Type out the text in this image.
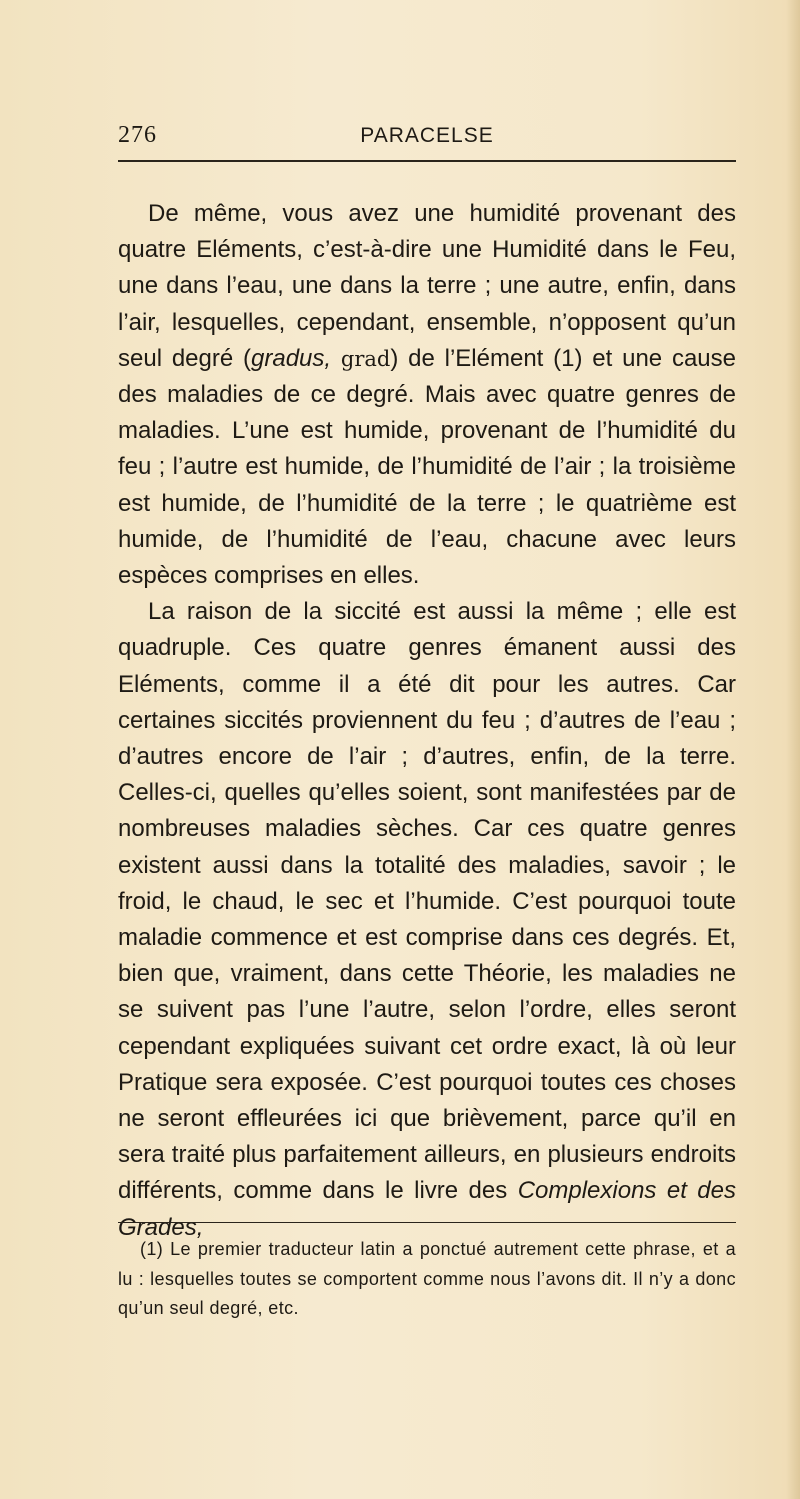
276	PARACELSE

De même, vous avez une humidité provenant des quatre Eléments, c’est-à-dire une Humidité dans le Feu, une dans l’eau, une dans la terre ; une autre, enfin, dans l’air, lesquelles, cependant, ensemble, n’opposent qu’un seul degré (gradus, grad) de l’Elément (1) et une cause des maladies de ce degré. Mais avec quatre genres de maladies. L’une est humide, provenant de l’humidité du feu ; l’autre est humide, de l’humidité de l’air ; la troisième est humide, de l’humidité de la terre ; le quatrième est humide, de l’humidité de l’eau, chacune avec leurs espèces comprises en elles.

La raison de la siccité est aussi la même ; elle est quadruple. Ces quatre genres émanent aussi des Eléments, comme il a été dit pour les autres. Car certaines siccités proviennent du feu ; d’autres de l’eau ; d’autres encore de l’air ; d’autres, enfin, de la terre. Celles-ci, quelles qu’elles soient, sont manifestées par de nombreuses maladies sèches. Car ces quatre genres existent aussi dans la totalité des maladies, savoir ; le froid, le chaud, le sec et l’humide. C’est pourquoi toute maladie commence et est comprise dans ces degrés. Et, bien que, vraiment, dans cette Théorie, les maladies ne se suivent pas l’une l’autre, selon l’ordre, elles seront cependant expliquées suivant cet ordre exact, là où leur Pratique sera exposée. C’est pourquoi toutes ces choses ne seront effleurées ici que brièvement, parce qu’il en sera traité plus parfaitement ailleurs, en plusieurs endroits différents, comme dans le livre des Complexions et des Grades,

(1) Le premier traducteur latin a ponctué autrement cette phrase, et a lu : lesquelles toutes se comportent comme nous l’avons dit. Il n’y a donc qu’un seul degré, etc.
